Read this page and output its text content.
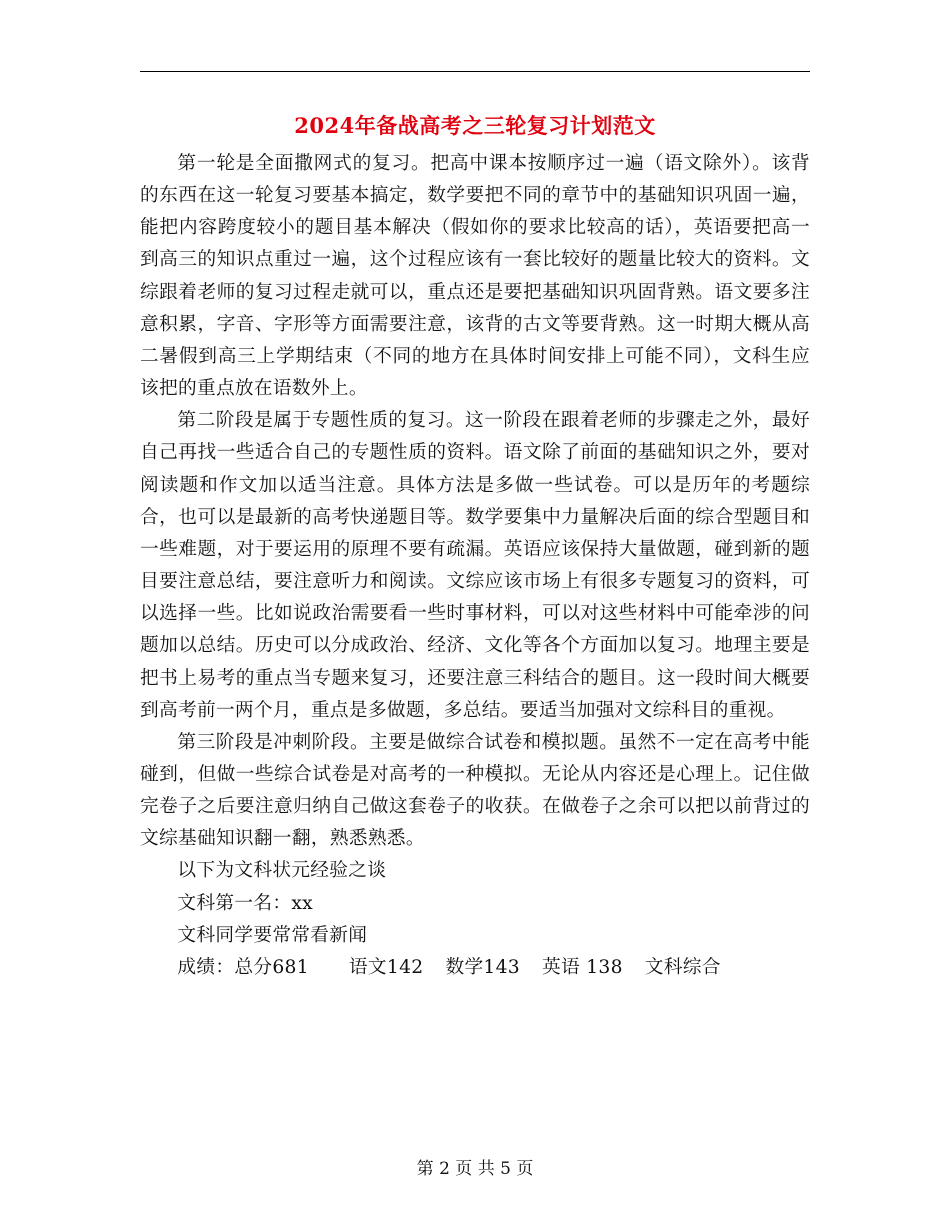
2024年备战高考之三轮复习计划范文

第一轮是全面撒网式的复习。把高中课本按顺序过一遍（语文除外）。该背的东西在这一轮复习要基本搞定，数学要把不同的章节中的基础知识巩固一遍，能把内容跨度较小的题目基本解决（假如你的要求比较高的话），英语要把高一到高三的知识点重过一遍，这个过程应该有一套比较好的题量比较大的资料。文综跟着老师的复习过程走就可以，重点还是要把基础知识巩固背熟。语文要多注意积累，字音、字形等方面需要注意，该背的古文等要背熟。这一时期大概从高二暑假到高三上学期结束（不同的地方在具体时间安排上可能不同），文科生应该把的重点放在语数外上。

第二阶段是属于专题性质的复习。这一阶段在跟着老师的步骤走之外，最好自己再找一些适合自己的专题性质的资料。语文除了前面的基础知识之外，要对阅读题和作文加以适当注意。具体方法是多做一些试卷。可以是历年的考题综合，也可以是最新的高考快递题目等。数学要集中力量解决后面的综合型题目和一些难题，对于要运用的原理不要有疏漏。英语应该保持大量做题，碰到新的题目要注意总结，要注意听力和阅读。文综应该市场上有很多专题复习的资料，可以选择一些。比如说政治需要看一些时事材料，可以对这些材料中可能牵涉的问题加以总结。历史可以分成政治、经济、文化等各个方面加以复习。地理主要是把书上易考的重点当专题来复习，还要注意三科结合的题目。这一段时间大概要到高考前一两个月，重点是多做题，多总结。要适当加强对文综科目的重视。

第三阶段是冲刺阶段。主要是做综合试卷和模拟题。虽然不一定在高考中能碰到，但做一些综合试卷是对高考的一种模拟。无论从内容还是心理上。记住做完卷子之后要注意归纳自己做这套卷子的收获。在做卷子之余可以把以前背过的文综基础知识翻一翻，熟悉熟悉。

以下为文科状元经验之谈

文科第一名：xx

文科同学要常常看新闻

成绩：总分681 语文142 数学143 英语 138 文科综合

第 2 页 共 5 页
